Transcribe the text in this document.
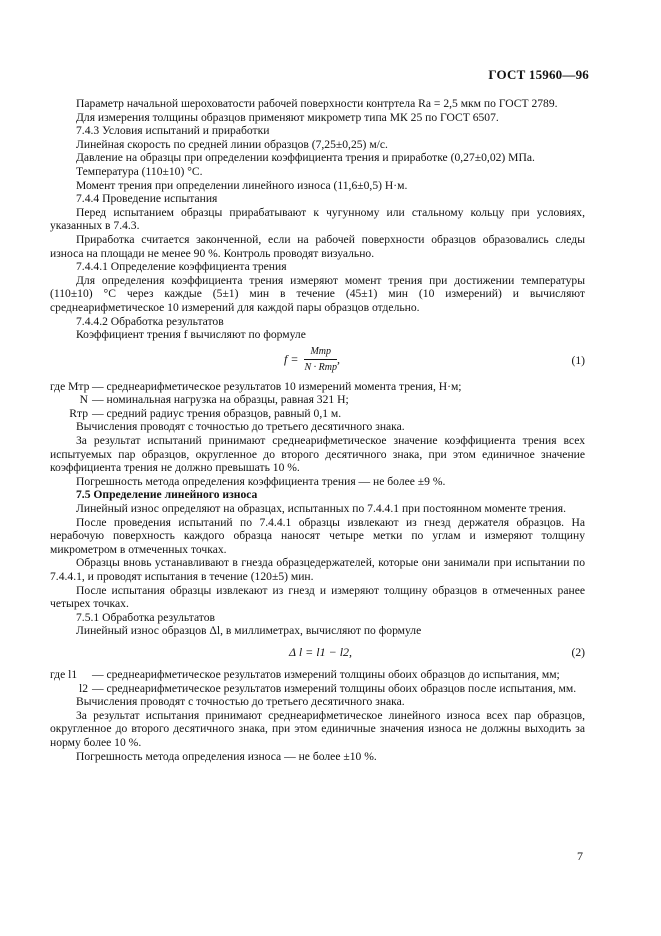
ГОСТ 15960—96

Параметр начальной шероховатости рабочей поверхности контртела Ra = 2,5 мкм по ГОСТ 2789.

Для измерения толщины образцов применяют микрометр типа МК 25 по ГОСТ 6507.

7.4.3 Условия испытаний и приработки

Линейная скорость по средней линии образцов (7,25±0,25) м/с.

Давление на образцы при определении коэффициента трения и приработке (0,27±0,02) МПа.

Температура (110±10) °С.

Момент трения при определении линейного износа (11,6±0,5) Н·м.

7.4.4 Проведение испытания

Перед испытанием образцы прирабатывают к чугунному или стальному кольцу при условиях, указанных в 7.4.3.

Приработка считается законченной, если на рабочей поверхности образцов образовались следы износа на площади не менее 90 %. Контроль проводят визуально.

7.4.4.1 Определение коэффициента трения

Для определения коэффициента трения измеряют момент трения при достижении температуры (110±10) °С через каждые (5±1) мин в течение (45±1) мин (10 измерений) и вычисляют среднеарифметическое 10 измерений для каждой пары образцов отдельно.

7.4.4.2 Обработка результатов

Коэффициент трения f вычисляют по формуле

$f = \frac{\text{Mтр}}{\text{N · Rтр}}$ ,	(1)
где Mтр — среднеарифметическое результатов 10 измерений момента трения, Н·м;
N — номинальная нагрузка на образцы, равная 321 Н;
Rтр — средний радиус трения образцов, равный 0,1 м.

Вычисления проводят с точностью до третьего десятичного знака.

За результат испытаний принимают среднеарифметическое значение коэффициента трения всех испытуемых пар образцов, округленное до второго десятичного знака, при этом единичное значение коэффициента трения не должно превышать 10 %.

Погрешность метода определения коэффициента трения — не более ±9 %.

7.5 Определение линейного износа

Линейный износ определяют на образцах, испытанных по 7.4.4.1 при постоянном моменте трения.

После проведения испытаний по 7.4.4.1 образцы извлекают из гнезд держателя образцов. На нерабочую поверхность каждого образца наносят четыре метки по углам и измеряют толщину микрометром в отмеченных точках.

Образцы вновь устанавливают в гнезда образцедержателей, которые они занимали при испытании по 7.4.4.1, и проводят испытания в течение (120±5) мин.

После испытания образцы извлекают из гнезд и измеряют толщину образцов в отмеченных ранее четырех точках.

7.5.1 Обработка результатов

Линейный износ образцов Δl, в миллиметрах, вычисляют по формуле

Δ l = l1 − l2,	(2)
где l1	— среднеарифметическое результатов измерений толщины обоих образцов до испытания, мм;
l2 — среднеарифметическое результатов измерений толщины обоих образцов после испытания, мм.

Вычисления проводят с точностью до третьего десятичного знака.

За результат испытания принимают среднеарифметическое линейного износа всех пар образцов, округленное до второго десятичного знака, при этом единичные значения износа не должны выходить за норму более 10 %.

Погрешность метода определения износа — не более ±10 %.

7
